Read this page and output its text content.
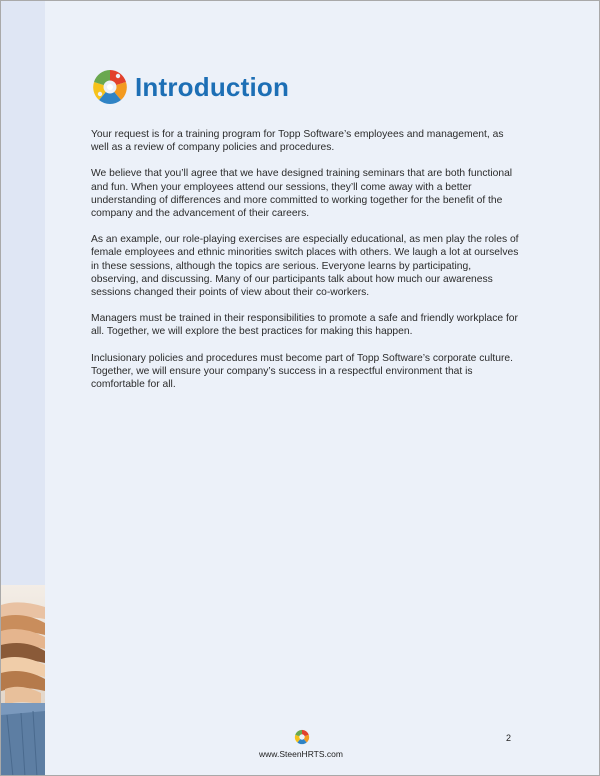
Introduction

Your request is for a training program for Topp Software’s employees and management, as well as a review of company policies and procedures.

We believe that you’ll agree that we have designed training seminars that are both functional and fun. When your employees attend our sessions, they’ll come away with a better understanding of differences and more committed to working together for the benefit of the company and the advancement of their careers.

As an example, our role-playing exercises are especially educational, as men play the roles of female employees and ethnic minorities switch places with others. We laugh a lot at ourselves in these sessions, although the topics are serious. Everyone learns by participating, observing, and discussing. Many of our participants talk about how much our awareness sessions changed their points of view about their co-workers.

Managers must be trained in their responsibilities to promote a safe and friendly workplace for all. Together, we will explore the best practices for making this happen.

Inclusionary policies and procedures must become part of Topp Software’s corporate culture. Together, we will ensure your company’s success in a respectful environment that is comfortable for all.

2
www.SteenHRTS.com
